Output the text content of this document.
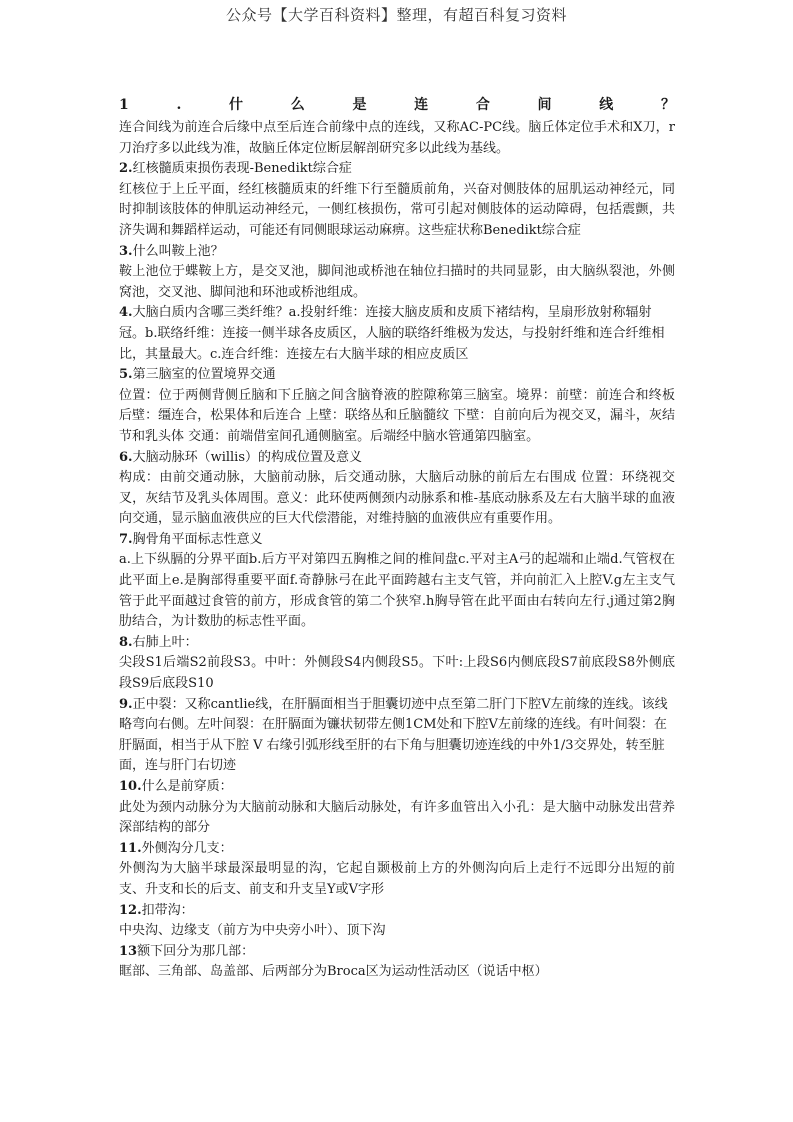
公众号【大学百科资料】整理，有超百科复习资料
1	.	什	么	是	连	合	间	线	？

连合间线为前连合后缘中点至后连合前缘中点的连线，又称AC-PC线。脑丘体定位手术和X刀，r刀治疗多以此线为准，故脑丘体定位断层解剖研究多以此线为基线。

2.红核髓质束损伤表现-Benedikt综合症

红核位于上丘平面，经红核髓质束的纤维下行至髓质前角，兴奋对侧肢体的屈肌运动神经元，同时抑制该肢体的伸肌运动神经元，一侧红核损伤，常可引起对侧肢体的运动障碍，包括震颤，共济失调和舞蹈样运动，可能还有同侧眼球运动麻痹。这些症状称Benedikt综合症

3.什么叫鞍上池？

鞍上池位于蝶鞍上方，是交叉池，脚间池或桥池在轴位扫描时的共同显影，由大脑纵裂池，外侧窝池，交叉池、脚间池和环池或桥池组成。

4.大脑白质内含哪三类纤维？a.投射纤维：连接大脑皮质和皮质下褚结构，呈扇形放射称辐射冠。b.联络纤维：连接一侧半球各皮质区，人脑的联络纤维极为发达，与投射纤维和连合纤维相比，其量最大。c.连合纤维：连接左右大脑半球的相应皮质区

5.第三脑室的位置境界交通

位置：位于两侧背侧丘脑和下丘脑之间含脑脊液的腔隙称第三脑室。境界：前壁：前连合和终板 后壁：缰连合，松果体和后连合 上壁：联络丛和丘脑髓纹 下壁：自前向后为视交叉，漏斗，灰结节和乳头体 交通：前端借室间孔通侧脑室。后端经中脑水管通第四脑室。

6.大脑动脉环（willis）的构成位置及意义

构成：由前交通动脉，大脑前动脉，后交通动脉，大脑后动脉的前后左右围成 位置：环绕视交叉，灰结节及乳头体周围。意义：此环使两侧颈内动脉系和椎-基底动脉系及左右大脑半球的血液向交通，显示脑血液供应的巨大代偿潜能，对维持脑的血液供应有重要作用。

7.胸骨角平面标志性意义

a.上下纵膈的分界平面b.后方平对第四五胸椎之间的椎间盘c.平对主A弓的起端和止端d.气管杈在此平面上e.是胸部得重要平面f.奇静脉弓在此平面跨越右主支气管，并向前汇入上腔V.g左主支气管于此平面越过食管的前方，形成食管的第二个狭窄.h胸导管在此平面由右转向左行.j通过第2胸肋结合，为计数肋的标志性平面。

8.右肺上叶：

尖段S1后端S2前段S3。中叶：外侧段S4内侧段S5。下叶:上段S6内侧底段S7前底段S8外侧底段S9后底段S10

9.正中裂：又称cantlie线，在肝膈面相当于胆囊切迹中点至第二肝门下腔V左前缘的连线。该线略弯向右侧。左叶间裂：在肝膈面为镰状韧带左侧1CM处和下腔V左前缘的连线。有叶间裂：在肝膈面，相当于从下腔 V 右缘引弧形线至肝的右下角与胆囊切迹连线的中外1/3交界处，转至脏面，连与肝门右切迹

10.什么是前穿质：

此处为颈内动脉分为大脑前动脉和大脑后动脉处，有许多血管出入小孔：是大脑中动脉发出营养深部结构的部分

11.外侧沟分几支：

外侧沟为大脑半球最深最明显的沟，它起自颞极前上方的外侧沟向后上走行不远即分出短的前支、升支和长的后支、前支和升支呈Y或V字形

12.扣带沟：

中央沟、边缘支（前方为中央旁小叶）、顶下沟

13额下回分为那几部：

眶部、三角部、岛盖部、后两部分为Broca区为运动性活动区（说话中枢）
